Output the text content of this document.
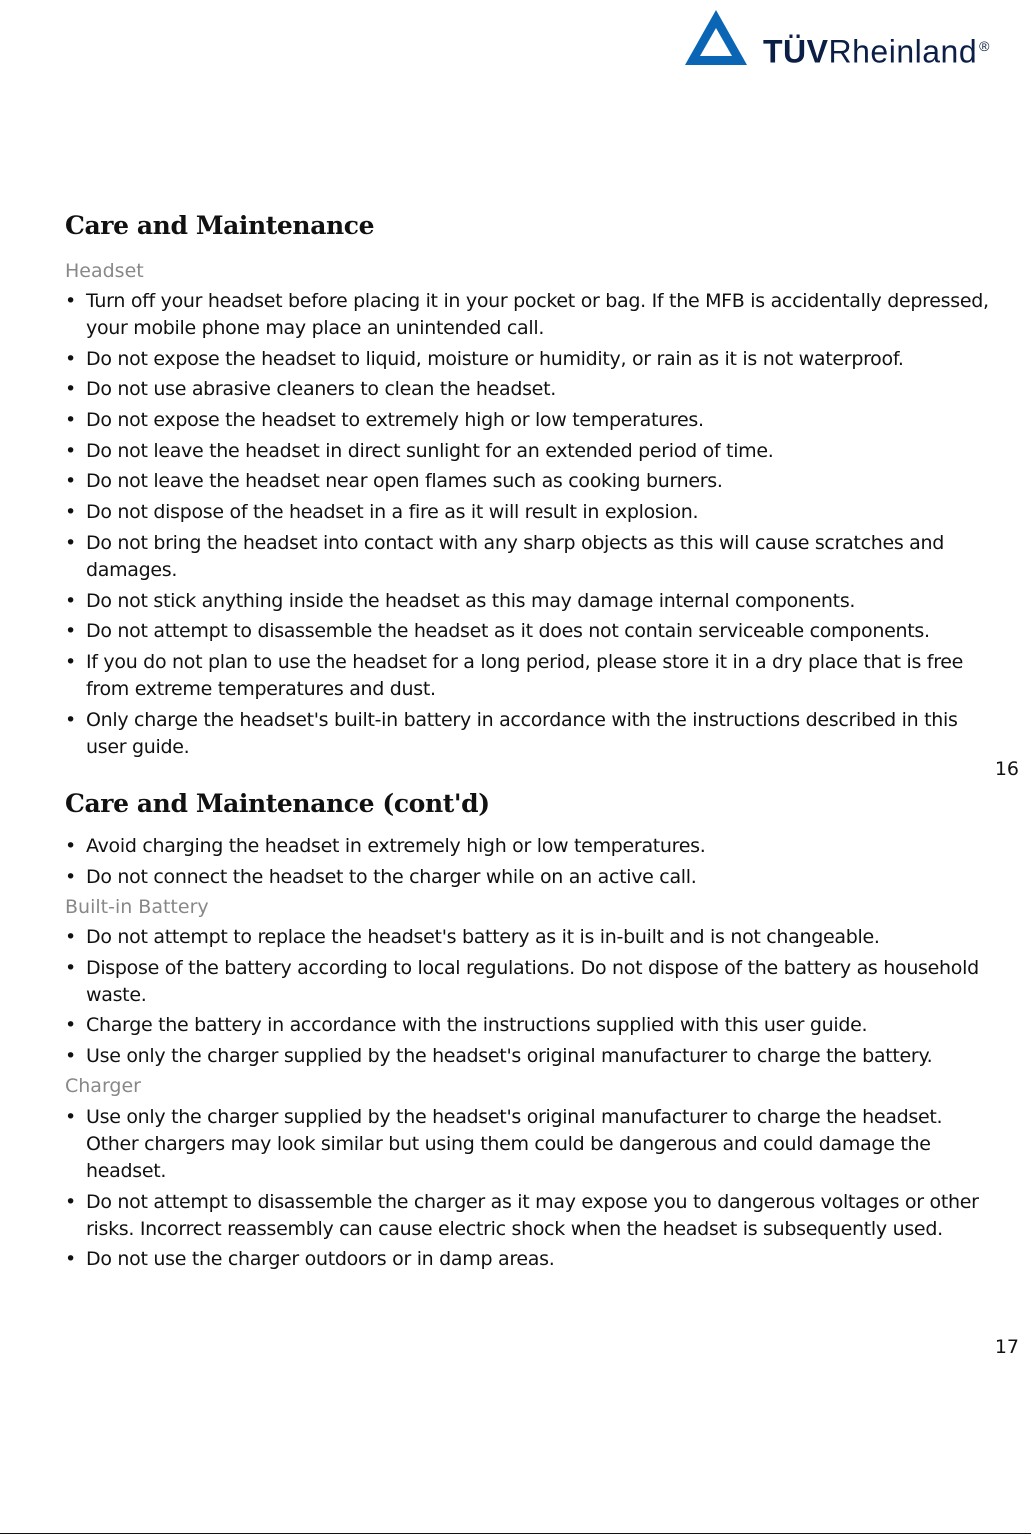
TÜVRheinland ®
Care and Maintenance
Headset
• Turn off your headset before placing it in your pocket or bag. If the MFB is accidentally depressed, your mobile phone may place an unintended call.
• Do not expose the headset to liquid, moisture or humidity, or rain as it is not waterproof.
• Do not use abrasive cleaners to clean the headset.
• Do not expose the headset to extremely high or low temperatures.
• Do not leave the headset in direct sunlight for an extended period of time.
• Do not leave the headset near open flames such as cooking burners.
• Do not dispose of the headset in a fire as it will result in explosion.
• Do not bring the headset into contact with any sharp objects as this will cause scratches and damages.
• Do not stick anything inside the headset as this may damage internal components.
• Do not attempt to disassemble the headset as it does not contain serviceable components.
• If you do not plan to use the headset for a long period, please store it in a dry place that is free from extreme temperatures and dust.
• Only charge the headset's built-in battery in accordance with the instructions described in this user guide.
16
Care and Maintenance (cont'd)
• Avoid charging the headset in extremely high or low temperatures.
• Do not connect the headset to the charger while on an active call.
Built-in Battery
• Do not attempt to replace the headset's battery as it is in-built and is not changeable.
• Dispose of the battery according to local regulations. Do not dispose of the battery as household waste.
• Charge the battery in accordance with the instructions supplied with this user guide.
• Use only the charger supplied by the headset's original manufacturer to charge the battery.
Charger
• Use only the charger supplied by the headset's original manufacturer to charge the headset. Other chargers may look similar but using them could be dangerous and could damage the headset.
• Do not attempt to disassemble the charger as it may expose you to dangerous voltages or other risks. Incorrect reassembly can cause electric shock when the headset is subsequently used.
• Do not use the charger outdoors or in damp areas.
17
